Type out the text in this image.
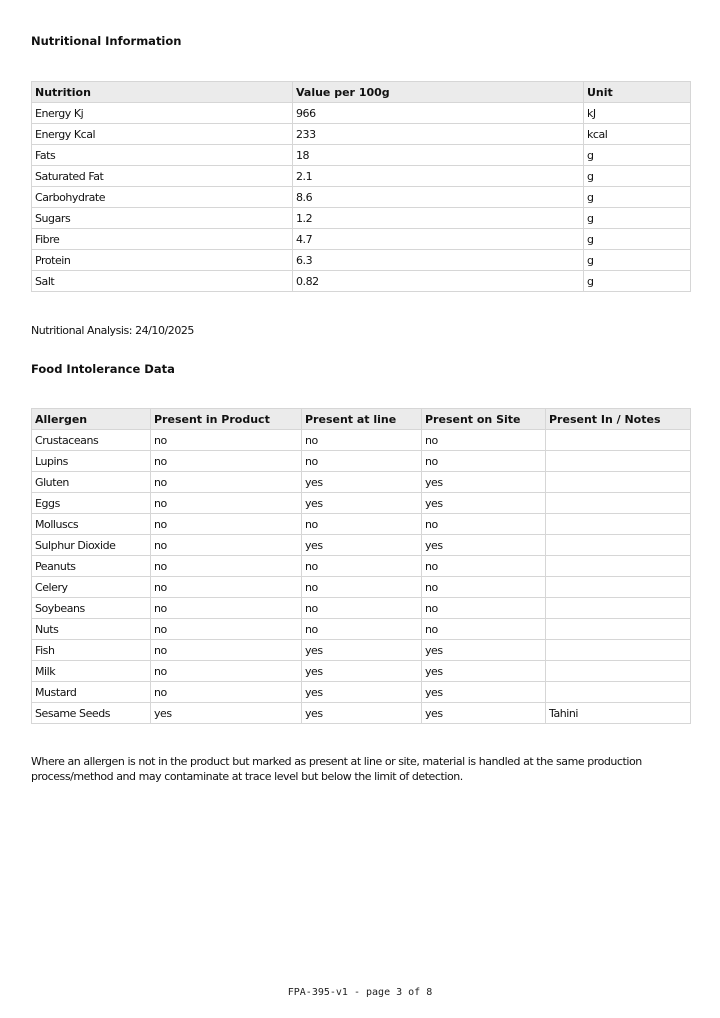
Nutritional Information
Nutrition	Value per 100g	Unit
Energy Kj	966	kJ
Energy Kcal	233	kcal
Fats	18	g
Saturated Fat	2.1	g
Carbohydrate	8.6	g
Sugars	1.2	g
Fibre	4.7	g
Protein	6.3	g
Salt	0.82	g

Nutritional Analysis: 24/10/2025

Food Intolerance Data
Allergen	Present in Product	Present at line	Present on Site	Present In / Notes
Crustaceans	no	no	no	
Lupins	no	no	no	
Gluten	no	yes	yes	
Eggs	no	yes	yes	
Molluscs	no	no	no	
Sulphur Dioxide	no	yes	yes	
Peanuts	no	no	no	
Celery	no	no	no	
Soybeans	no	no	no	
Nuts	no	no	no	
Fish	no	yes	yes	
Milk	no	yes	yes	
Mustard	no	yes	yes	
Sesame Seeds	yes	yes	yes	Tahini

Where an allergen is not in the product but marked as present at line or site, material is handled at the same production process/method and may contaminate at trace level but below the limit of detection.

FPA-395-v1 - page 3 of 8
